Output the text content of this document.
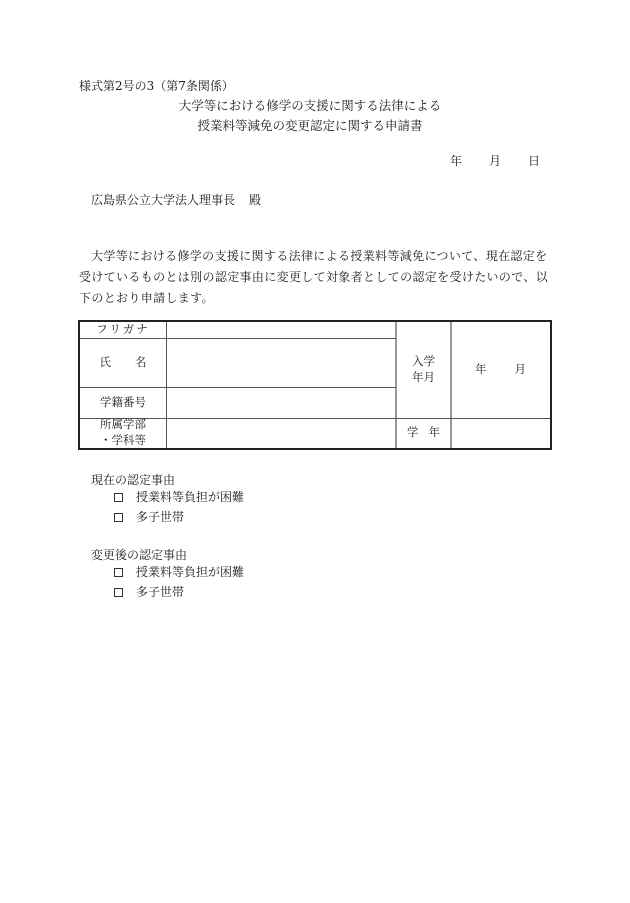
様式第2号の3（第7条関係）
大学等における修学の支援に関する法律による
授業料等減免の変更認定に関する申請書
年 月 日
広島県公立大学法人理事長 殿
大学等における修学の支援に関する法律による授業料等減免について、現在認定を受けているものとは別の認定事由に変更して対象者としての認定を受けたいので、以下のとおり申請します。
フリガナ
氏 名
学籍番号
所属学部
・学科等
入学
年月
年 月
学 年
現在の認定事由
授業料等負担が困難
多子世帯
変更後の認定事由
授業料等負担が困難
多子世帯
